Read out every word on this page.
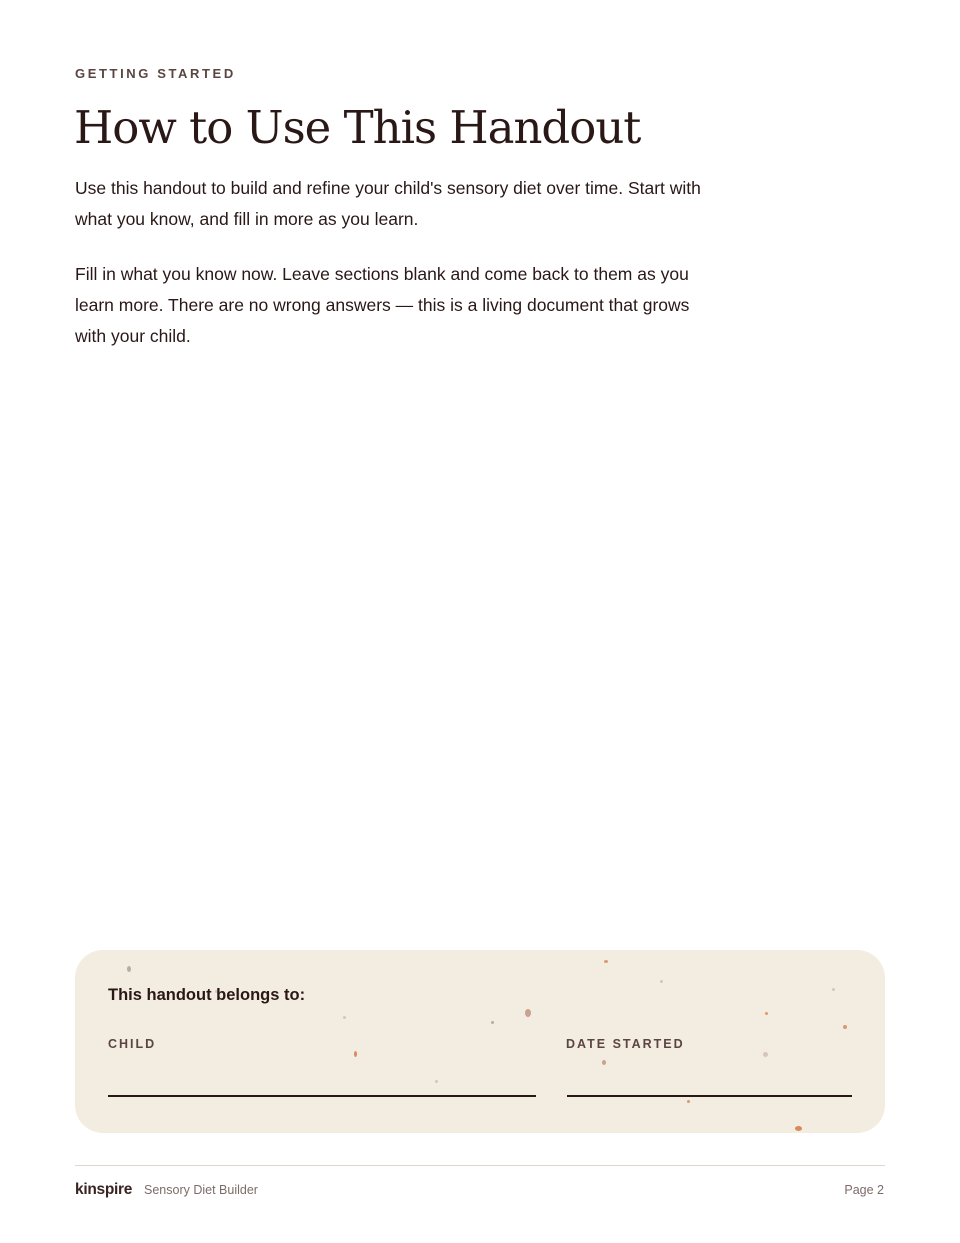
GETTING STARTED
How to Use This Handout

Use this handout to build and refine your child's sensory diet over time. Start with what you know, and fill in more as you learn.

Fill in what you know now. Leave sections blank and come back to them as you learn more. There are no wrong answers — this is a living document that grows with your child.

This handout belongs to:
CHILD	DATE STARTED
kinspire Sensory Diet Builder	Page 2
